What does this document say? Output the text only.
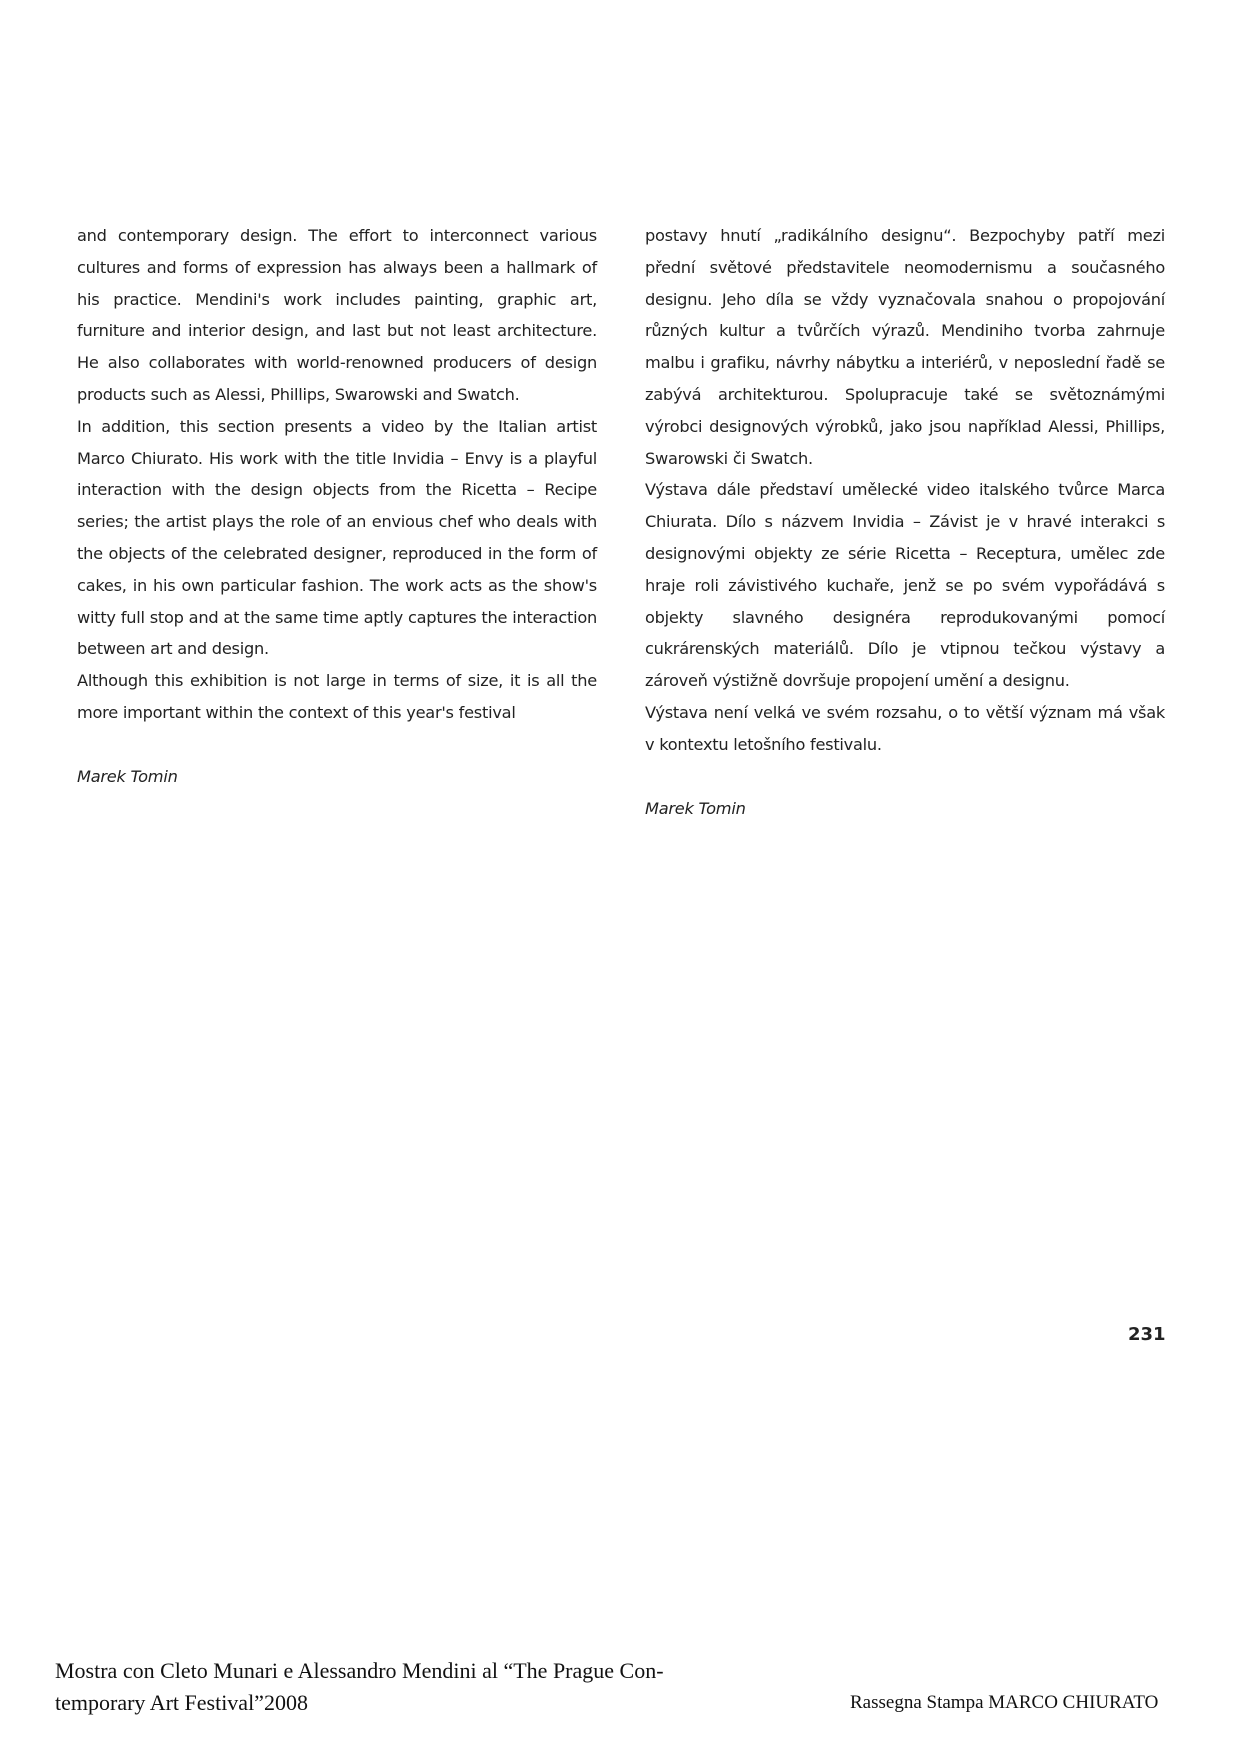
and contemporary design. The effort to interconnect various cultures and forms of expression has always been a hallmark of his practice. Mendini's work includes painting, graphic art, furniture and interior design, and last but not least architecture. He also collaborates with world-renowned producers of design products such as Alessi, Phillips, Swarowski and Swatch.

In addition, this section presents a video by the Italian artist Marco Chiurato. His work with the title Invidia – Envy is a playful interaction with the design objects from the Ricetta – Recipe series; the artist plays the role of an envious chef who deals with the objects of the celebrated designer, reproduced in the form of cakes, in his own particular fashion. The work acts as the show's witty full stop and at the same time aptly captures the interaction between art and design.

Although this exhibition is not large in terms of size, it is all the more important within the context of this year's festival

Marek Tomin

postavy hnutí „radikálního designu“. Bezpochyby patří mezi přední světové představitele neomodernismu a současného designu. Jeho díla se vždy vyznačovala snahou o propojování různých kultur a tvůrčích výrazů. Mendiniho tvorba zahrnuje malbu i grafiku, návrhy nábytku a interiérů, v neposlední řadě se zabývá architekturou. Spolupracuje také se světoznámými výrobci designových výrobků, jako jsou například Alessi, Phillips, Swarowski či Swatch.

Výstava dále představí umělecké video italského tvůrce Marca Chiurata. Dílo s názvem Invidia – Závist je v hravé interakci s designovými objekty ze série Ricetta – Receptura, umělec zde hraje roli závistivého kuchaře, jenž se po svém vypořádává s objekty slavného designéra reprodukovanými pomocí cukrárenských materiálů. Dílo je vtipnou tečkou výstavy a zároveň výstižně dovršuje propojení umění a designu.

Výstava není velká ve svém rozsahu, o to větší význam má však v kontextu letošního festivalu.

Marek Tomin

231
Mostra con Cleto Munari e Alessandro Mendini al “The Prague Con-
temporary Art Festival”2008	Rassegna Stampa MARCO CHIURATO
